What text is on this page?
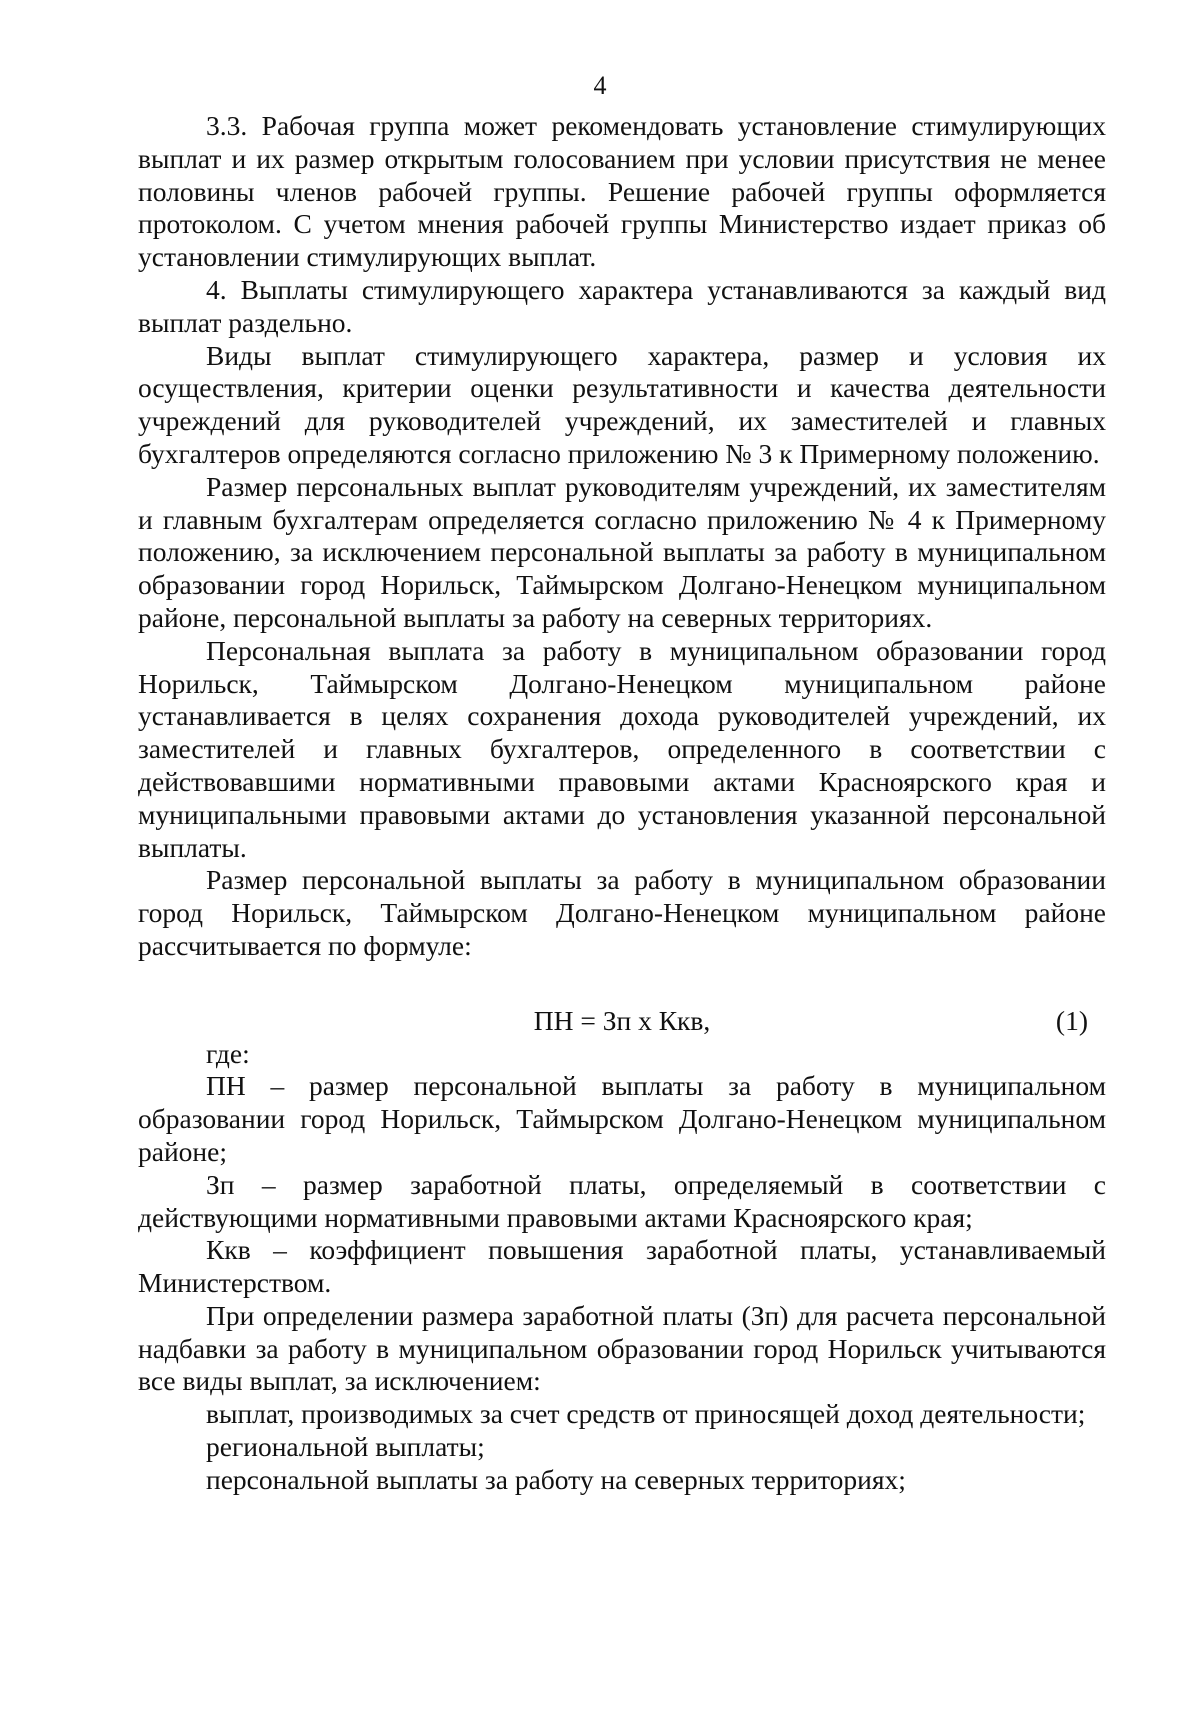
4

3.3. Рабочая группа может рекомендовать установление стимулирующих выплат и их размер открытым голосованием при условии присутствия не менее половины членов рабочей группы. Решение рабочей группы оформляется протоколом. С учетом мнения рабочей группы Министерство издает приказ об установлении стимулирующих выплат.

4. Выплаты стимулирующего характера устанавливаются за каждый вид выплат раздельно.

Виды выплат стимулирующего характера, размер и условия их осуществления, критерии оценки результативности и качества деятельности учреждений для руководителей учреждений, их заместителей и главных бухгалтеров определяются согласно приложению № 3 к Примерному положению.

Размер персональных выплат руководителям учреждений, их заместителям и главным бухгалтерам определяется согласно приложению № 4 к Примерному положению, за исключением персональной выплаты за работу в муниципальном образовании город Норильск, Таймырском Долгано-Ненецком муниципальном районе, персональной выплаты за работу на северных территориях.

Персональная выплата за работу в муниципальном образовании город Норильск, Таймырском Долгано-Ненецком муниципальном районе устанавливается в целях сохранения дохода руководителей учреждений, их заместителей и главных бухгалтеров, определенного в соответствии с действовавшими нормативными правовыми актами Красноярского края и муниципальными правовыми актами до установления указанной персональной выплаты.

Размер персональной выплаты за работу в муниципальном образовании город Норильск, Таймырском Долгано-Ненецком муниципальном районе рассчитывается по формуле:

ПН = Зп х Ккв,	(1)

где:

ПН – размер персональной выплаты за работу в муниципальном образовании город Норильск, Таймырском Долгано-Ненецком муниципальном районе;

Зп – размер заработной платы, определяемый в соответствии с действующими нормативными правовыми актами Красноярского края;

Ккв – коэффициент повышения заработной платы, устанавливаемый Министерством.

При определении размера заработной платы (Зп) для расчета персональной надбавки за работу в муниципальном образовании город Норильск учитываются все виды выплат, за исключением:

выплат, производимых за счет средств от приносящей доход деятельности;

региональной выплаты;

персональной выплаты за работу на северных территориях;
